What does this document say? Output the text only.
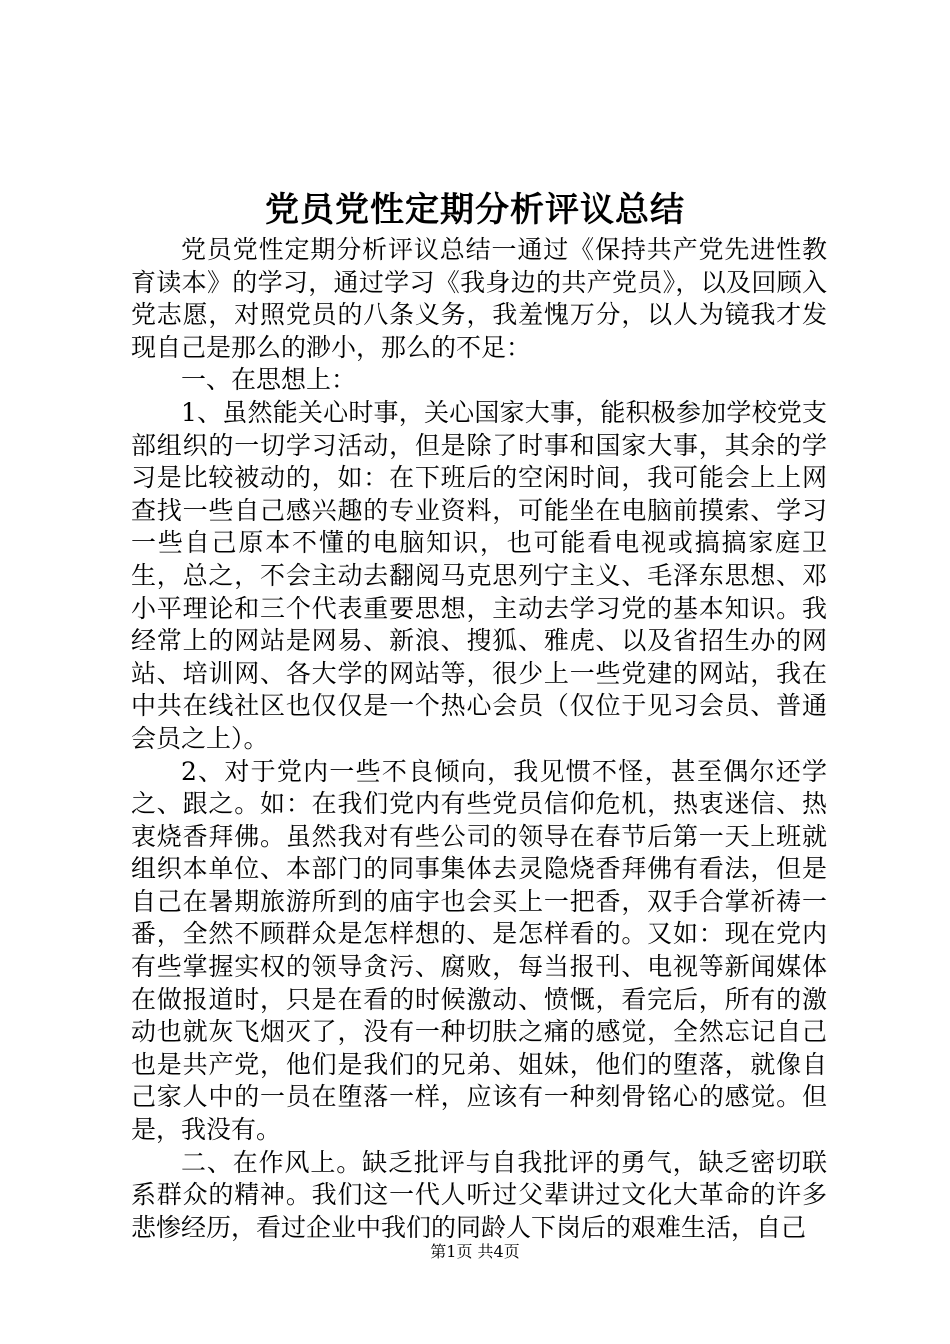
党员党性定期分析评议总结

党员党性定期分析评议总结一通过《保持共产党先进性教育读本》的学习，通过学习《我身边的共产党员》，以及回顾入党志愿，对照党员的八条义务，我羞愧万分，以人为镜我才发现自己是那么的渺小，那么的不足：

一、在思想上：

1、虽然能关心时事，关心国家大事，能积极参加学校党支部组织的一切学习活动，但是除了时事和国家大事，其余的学习是比较被动的，如：在下班后的空闲时间，我可能会上上网查找一些自己感兴趣的专业资料，可能坐在电脑前摸索、学习一些自己原本不懂的电脑知识，也可能看电视或搞搞家庭卫生，总之，不会主动去翻阅马克思列宁主义、毛泽东思想、邓小平理论和三个代表重要思想，主动去学习党的基本知识。我经常上的网站是网易、新浪、搜狐、雅虎、以及省招生办的网站、培训网、各大学的网站等，很少上一些党建的网站，我在中共在线社区也仅仅是一个热心会员（仅位于见习会员、普通会员之上）。

2、对于党内一些不良倾向，我见惯不怪，甚至偶尔还学之、跟之。如：在我们党内有些党员信仰危机，热衷迷信、热衷烧香拜佛。虽然我对有些公司的领导在春节后第一天上班就组织本单位、本部门的同事集体去灵隐烧香拜佛有看法，但是自己在暑期旅游所到的庙宇也会买上一把香，双手合掌祈祷一番，全然不顾群众是怎样想的、是怎样看的。又如：现在党内有些掌握实权的领导贪污、腐败，每当报刊、电视等新闻媒体在做报道时，只是在看的时候激动、愤慨，看完后，所有的激动也就灰飞烟灭了，没有一种切肤之痛的感觉，全然忘记自己也是共产党，他们是我们的兄弟、姐妹，他们的堕落，就像自己家人中的一员在堕落一样，应该有一种刻骨铭心的感觉。但是，我没有。

二、在作风上。缺乏批评与自我批评的勇气，缺乏密切联系群众的精神。我们这一代人听过父辈讲过文化大革命的许多悲惨经历，看过企业中我们的同龄人下岗后的艰难生活，自己

第1页 共4页
